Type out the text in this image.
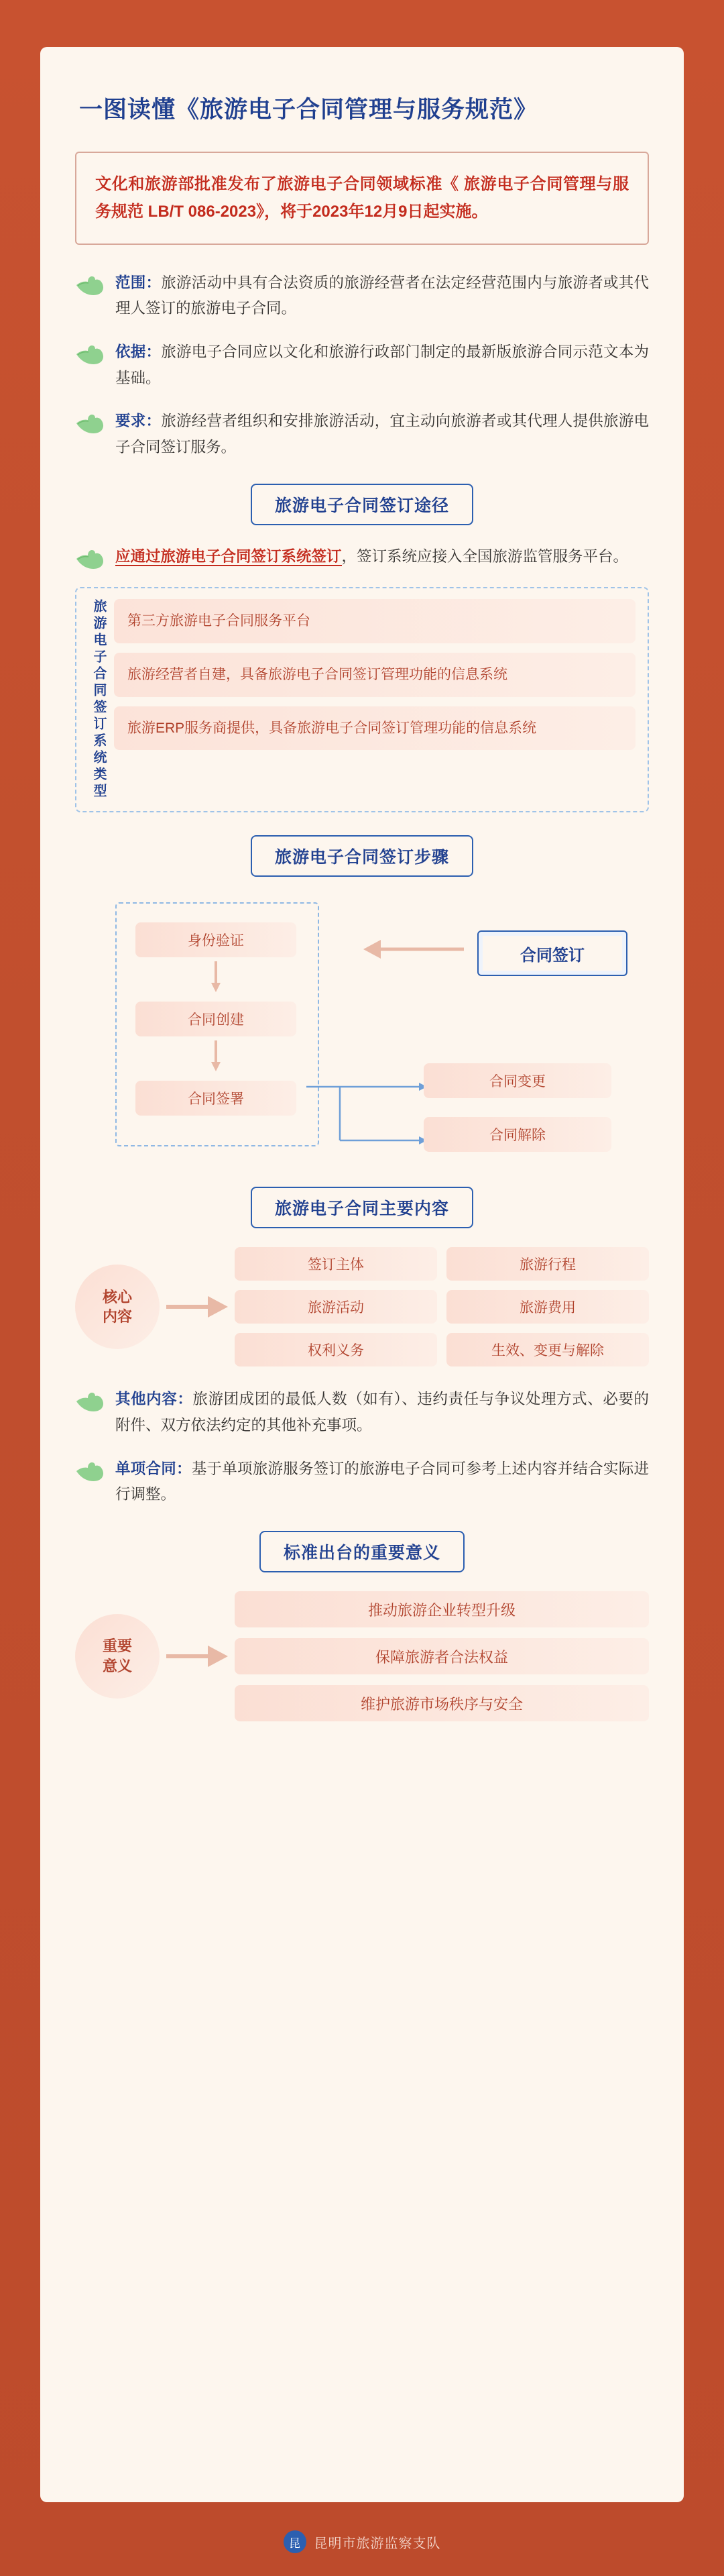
一图读懂《旅游电子合同管理与服务规范》

文化和旅游部批准发布了旅游电子合同领域标准《 旅游电子合同管理与服务规范 LB/T 086-2023》，将于2023年12月9日起实施。

范围：旅游活动中具有合法资质的旅游经营者在法定经营范围内与旅游者或其代理人签订的旅游电子合同。
依据：旅游电子合同应以文化和旅游行政部门制定的最新版旅游合同示范文本为基础。
要求：旅游经营者组织和安排旅游活动，宜主动向旅游者或其代理人提供旅游电子合同签订服务。
旅游电子合同签订途径
应通过旅游电子合同签订系统签订，签订系统应接入全国旅游监管服务平台。
旅游电子合同签订系统类型	第三方旅游电子合同服务平台
旅游经营者自建，具备旅游电子合同签订管理功能的信息系统
旅游ERP服务商提供，具备旅游电子合同签订管理功能的信息系统
旅游电子合同签订步骤
身份验证
合同创建
合同签署
合同签订
合同变更
合同解除
旅游电子合同主要内容
核心
内容
签订主体	旅游行程
旅游活动	旅游费用
权利义务	生效、变更与解除
其他内容：旅游团成团的最低人数（如有）、违约责任与争议处理方式、必要的附件、双方依法约定的其他补充事项。
单项合同：基于单项旅游服务签订的旅游电子合同可参考上述内容并结合实际进行调整。
标准出台的重要意义
重要
意义
推动旅游企业转型升级
保障旅游者合法权益
维护旅游市场秩序与安全
昆	昆明市旅游监察支队
